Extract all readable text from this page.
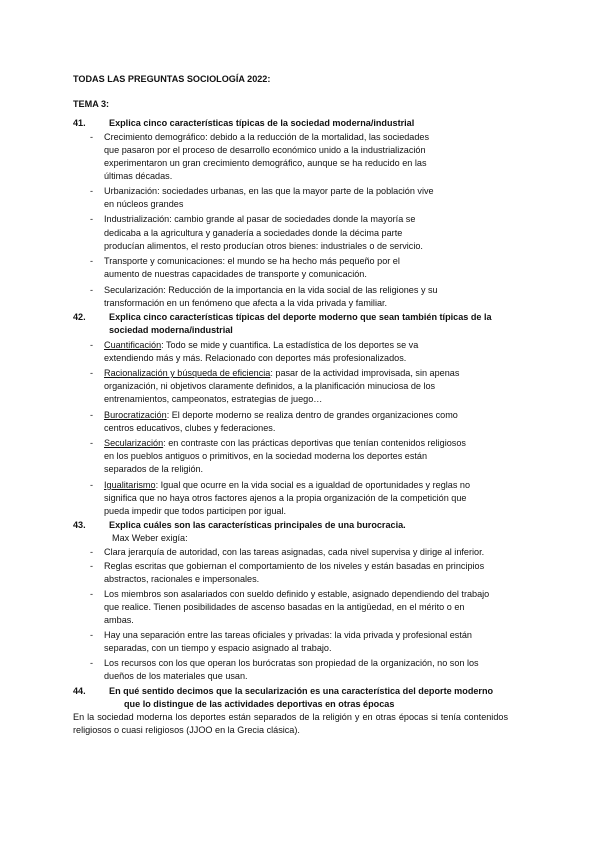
TODAS LAS PREGUNTAS SOCIOLOGÍA 2022:
TEMA 3:
41.	Explica cinco características típicas de la sociedad moderna/industrial
- Crecimiento demográfico: debido a la reducción de la mortalidad, las sociedades
que pasaron por el proceso de desarrollo económico unido a la industrialización
experimentaron un gran crecimiento demográfico, aunque se ha reducido en las
últimas décadas.
- Urbanización: sociedades urbanas, en las que la mayor parte de la población vive
en núcleos grandes
- Industrialización: cambio grande al pasar de sociedades donde la mayoría se
dedicaba a la agricultura y ganadería a sociedades donde la décima parte
producían alimentos, el resto producían otros bienes: industriales o de servicio.
- Transporte y comunicaciones: el mundo se ha hecho más pequeño por el
aumento de nuestras capacidades de transporte y comunicación.
- Secularización: Reducción de la importancia en la vida social de las religiones y su
transformación en un fenómeno que afecta a la vida privada y familiar.
42.	Explica cinco características típicas del deporte moderno que sean también típicas de la
sociedad moderna/industrial
- Cuantificación: Todo se mide y cuantifica. La estadística de los deportes se va
extendiendo más y más. Relacionado con deportes más profesionalizados.
- Racionalización y búsqueda de eficiencia: pasar de la actividad improvisada, sin apenas
organización, ni objetivos claramente definidos, a la planificación minuciosa de los
entrenamientos, campeonatos, estrategias de juego…
- Burocratización: El deporte moderno se realiza dentro de grandes organizaciones como
centros educativos, clubes y federaciones.
- Secularización: en contraste con las prácticas deportivas que tenían contenidos religiosos
en los pueblos antiguos o primitivos, en la sociedad moderna los deportes están
separados de la religión.
- Igualitarismo: Igual que ocurre en la vida social es a igualdad de oportunidades y reglas no
significa que no haya otros factores ajenos a la propia organización de la competición que
pueda impedir que todos participen por igual.
43.	Explica cuáles son las características principales de una burocracia.
Max Weber exigía:
- Clara jerarquía de autoridad, con las tareas asignadas, cada nivel supervisa y dirige al inferior.
- Reglas escritas que gobiernan el comportamiento de los niveles y están basadas en principios
abstractos, racionales e impersonales.
- Los miembros son asalariados con sueldo definido y estable, asignado dependiendo del trabajo
que realice. Tienen posibilidades de ascenso basadas en la antigüedad, en el mérito o en
ambas.
- Hay una separación entre las tareas oficiales y privadas: la vida privada y profesional están
separadas, con un tiempo y espacio asignado al trabajo.
- Los recursos con los que operan los burócratas son propiedad de la organización, no son los
dueños de los materiales que usan.
44.	En qué sentido decimos que la secularización es una característica del deporte moderno
que lo distingue de las actividades deportivas en otras épocas
En la sociedad moderna los deportes están separados de la religión y en otras épocas si tenía contenidos religiosos o cuasi religiosos (JJOO en la Grecia clásica).
